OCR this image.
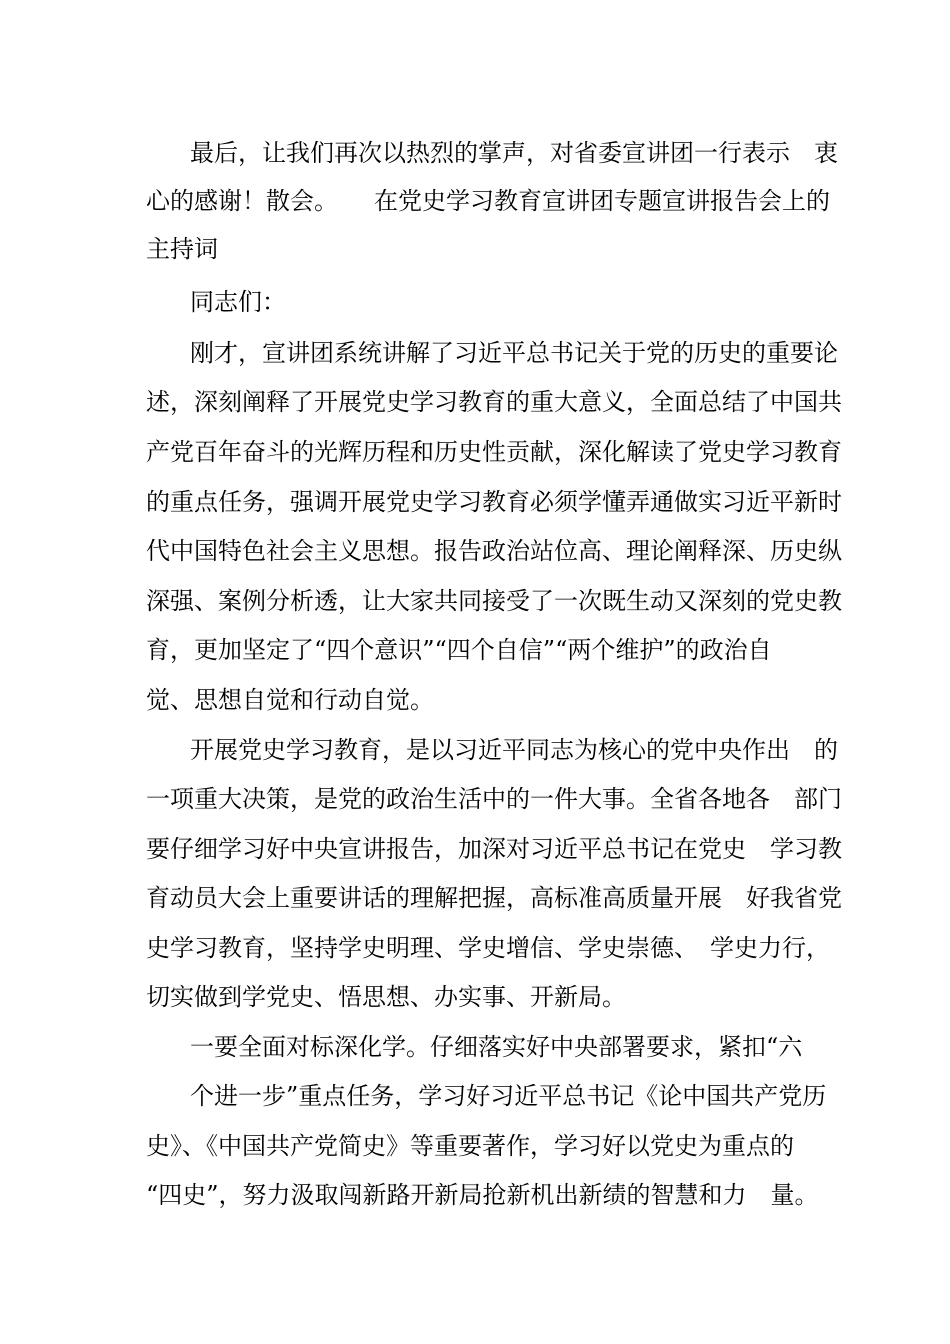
最后，让我们再次以热烈的掌声，对省委宣讲团一行表示　衷
心的感谢！散会。　　在党史学习教育宣讲团专题宣讲报告会上的
主持词
同志们：
刚才，宣讲团系统讲解了习近平总书记关于党的历史的重要论
述，深刻阐释了开展党史学习教育的重大意义，全面总结了中国共
产党百年奋斗的光辉历程和历史性贡献，深化解读了党史学习教育
的重点任务，强调开展党史学习教育必须学懂弄通做实习近平新时
代中国特色社会主义思想。报告政治站位高、理论阐释深、历史纵
深强、案例分析透，让大家共同接受了一次既生动又深刻的党史教
育，更加坚定了“四个意识”“四个自信”“两个维护”的政治自
觉、思想自觉和行动自觉。
开展党史学习教育，是以习近平同志为核心的党中央作出　的
一项重大决策，是党的政治生活中的一件大事。全省各地各　部门
要仔细学习好中央宣讲报告，加深对习近平总书记在党史　学习教
育动员大会上重要讲话的理解把握，高标准高质量开展　好我省党
史学习教育，坚持学史明理、学史增信、学史崇德、　学史力行，
切实做到学党史、悟思想、办实事、开新局。
一要全面对标深化学。仔细落实好中央部署要求，紧扣“六
个进一步”重点任务，学习好习近平总书记《论中国共产党历
史》、《中国共产党简史》等重要著作，学习好以党史为重点的
“四史”，努力汲取闯新路开新局抢新机出新绩的智慧和力　量。
